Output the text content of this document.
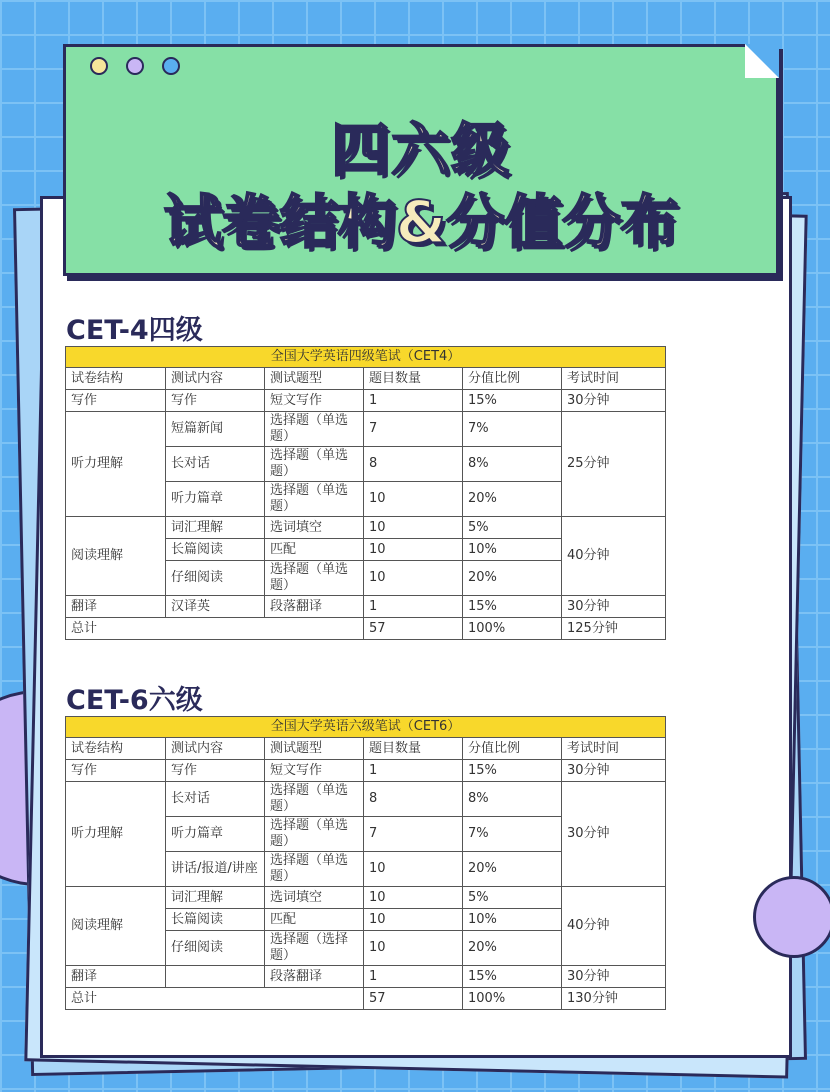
四六级
试卷结构&分值分布
CET-4四级
全国大学英语四级笔试（CET4）					
试卷结构	测试内容	测试题型	题目数量	分值比例	考试时间
写作	写作	短文写作	1	15%	30分钟
听力理解	短篇新闻	选择题（单选题）	7	7%	25分钟
	长对话	选择题（单选题）	8	8%	
	听力篇章	选择题（单选题）	10	20%	
阅读理解	词汇理解	选词填空	10	5%	40分钟
	长篇阅读	匹配	10	10%	
	仔细阅读	选择题（单选题）	10	20%	
翻译	汉译英	段落翻译	1	15%	30分钟
总计			57	100%	125分钟
CET-6六级
全国大学英语六级笔试（CET6）					
试卷结构	测试内容	测试题型	题目数量	分值比例	考试时间
写作	写作	短文写作	1	15%	30分钟
听力理解	长对话	选择题（单选题）	8	8%	30分钟
	听力篇章	选择题（单选题）	7	7%	
	讲话/报道/讲座	选择题（单选题）	10	20%	
阅读理解	词汇理解	选词填空	10	5%	40分钟
	长篇阅读	匹配	10	10%	
	仔细阅读	选择题（选择题）	10	20%	
翻译		段落翻译	1	15%	30分钟
总计			57	100%	130分钟
